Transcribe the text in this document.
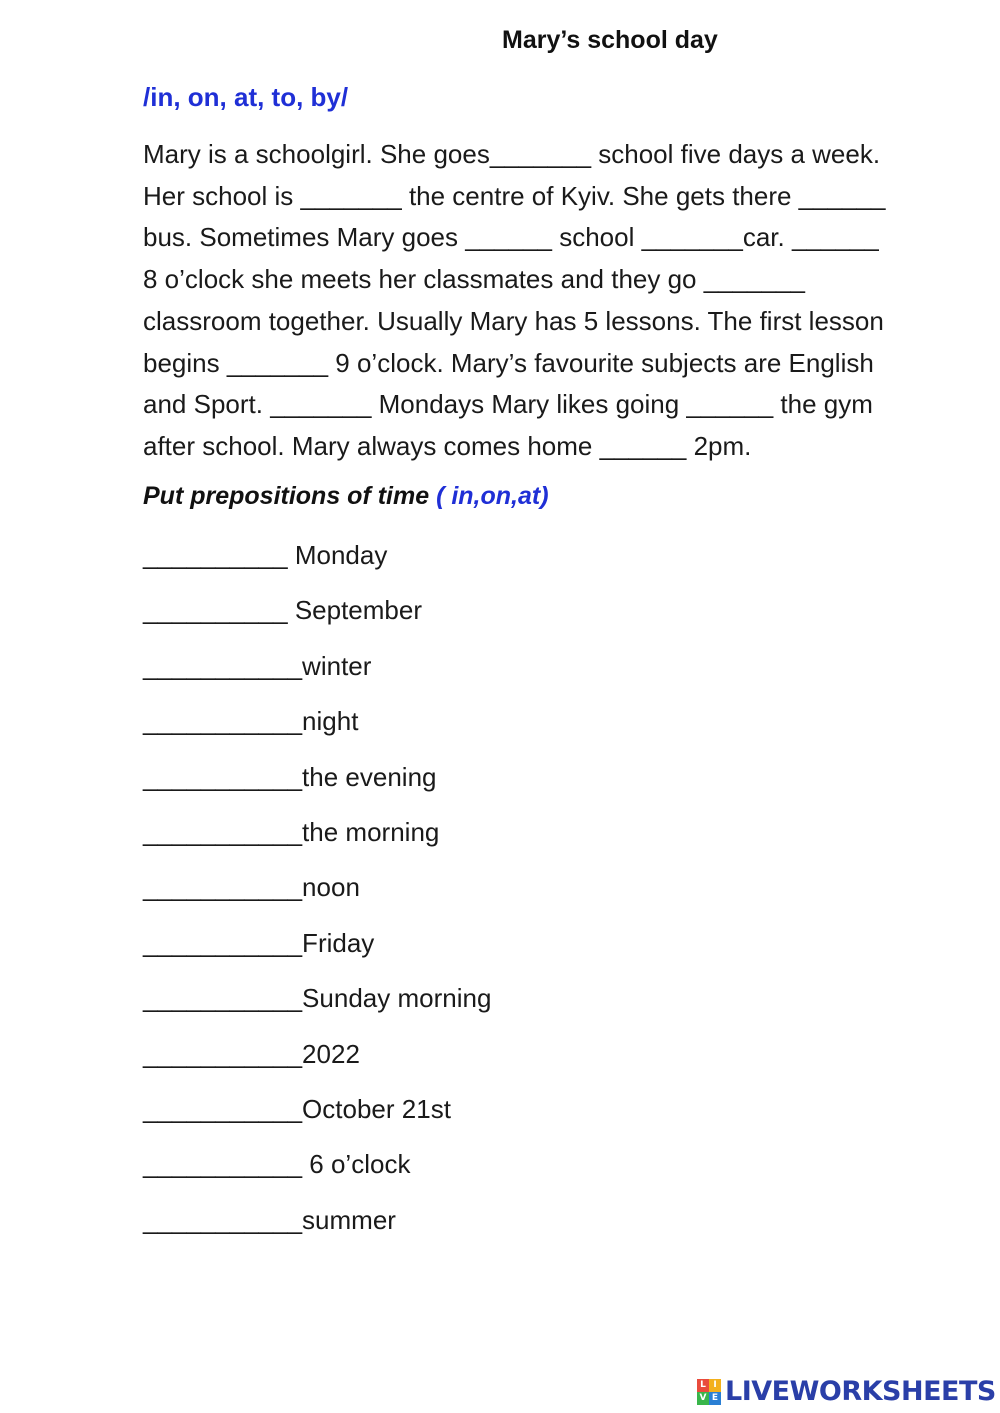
Mary’s school day
/in, on, at, to, by/
Mary is a schoolgirl. She goes_______ school five days a week.
Her school is _______ the centre of Kyiv. She gets there ______
bus. Sometimes Mary goes ______ school _______car. ______
8 o’clock she meets her classmates and they go _______
classroom together. Usually Mary has 5 lessons. The first lesson
begins _______ 9 o’clock. Mary’s favourite subjects are English
and Sport. _______ Mondays Mary likes going ______ the gym
after school. Mary always comes home ______ 2pm.
Put prepositions of time ( in,on,at)
__________ Monday
__________ September
___________winter
___________night
___________the evening
___________the morning
___________noon
___________Friday
___________Sunday morning
___________2022
___________October 21st
___________ 6 o’clock
___________summer
L I
V E LIVEWORKSHEETS
